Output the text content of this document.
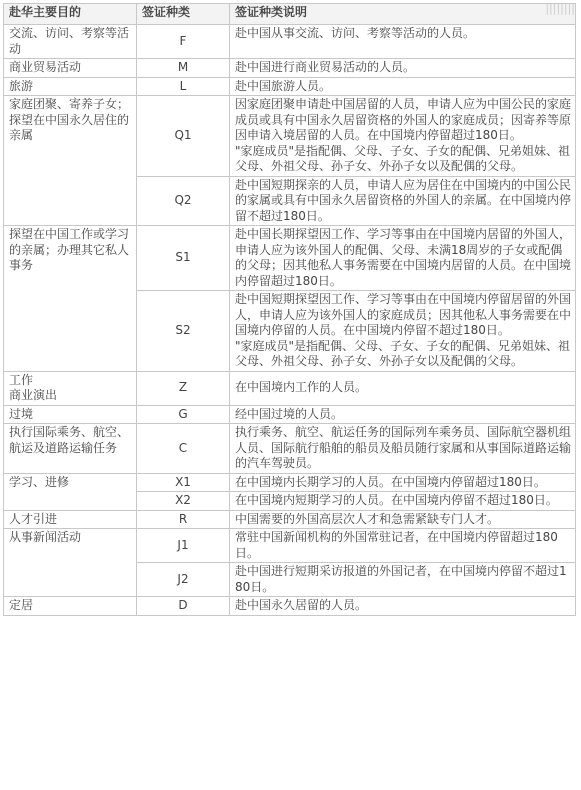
赴华主要目的	签证种类	签证种类说明
交流、访问、考察等活动	F	赴中国从事交流、访问、考察等活动的人员。
商业贸易活动	M	赴中国进行商业贸易活动的人员。
旅游	L	赴中国旅游人员。
家庭团聚、寄养子女；探望在中国永久居住的亲属	Q1	因家庭团聚申请赴中国居留的人员，申请人应为中国公民的家庭成员或具有中国永久居留资格的外国人的家庭成员；因寄养等原因申请入境居留的人员。在中国境内停留超过180日。
"家庭成员"是指配偶、父母、子女、子女的配偶、兄弟姐妹、祖父母、外祖父母、孙子女、外孙子女以及配偶的父母。

	Q2	赴中国短期探亲的人员，申请人应为居住在中国境内的中国公民的家属或具有中国永久居留资格的外国人的亲属。在中国境内停留不超过180日。
探望在中国工作或学习的亲属；办理其它私人事务	S1	赴中国长期探望因工作、学习等事由在中国境内居留的外国人，申请人应为该外国人的配偶、父母、未满18周岁的子女或配偶的父母；因其他私人事务需要在中国境内居留的人员。在中国境内停留超过180日。
	S2	赴中国短期探望因工作、学习等事由在中国境内停留居留的外国人，申请人应为该外国人的家庭成员；因其他私人事务需要在中国境内停留的人员。在中国境内停留不超过180日。
"家庭成员"是指配偶、父母、子女、子女的配偶、兄弟姐妹、祖父母、外祖父母、孙子女、外孙子女以及配偶的父母。

工作
商业演出	Z	在中国境内工作的人员。
过境	G	经中国过境的人员。
执行国际乘务、航空、航运及道路运输任务	C	执行乘务、航空、航运任务的国际列车乘务员、国际航空器机组人员、国际航行船舶的船员及船员随行家属和从事国际道路运输的汽车驾驶员。
学习、进修	X1	在中国境内长期学习的人员。在中国境内停留超过180日。
	X2	在中国境内短期学习的人员。在中国境内停留不超过180日。
人才引进	R	中国需要的外国高层次人才和急需紧缺专门人才。
从事新闻活动	J1	常驻中国新闻机构的外国常驻记者，在中国境内停留超过180日。
	J2	赴中国进行短期采访报道的外国记者，在中国境内停留不超过180日。
定居	D	赴中国永久居留的人员。
||||||||
